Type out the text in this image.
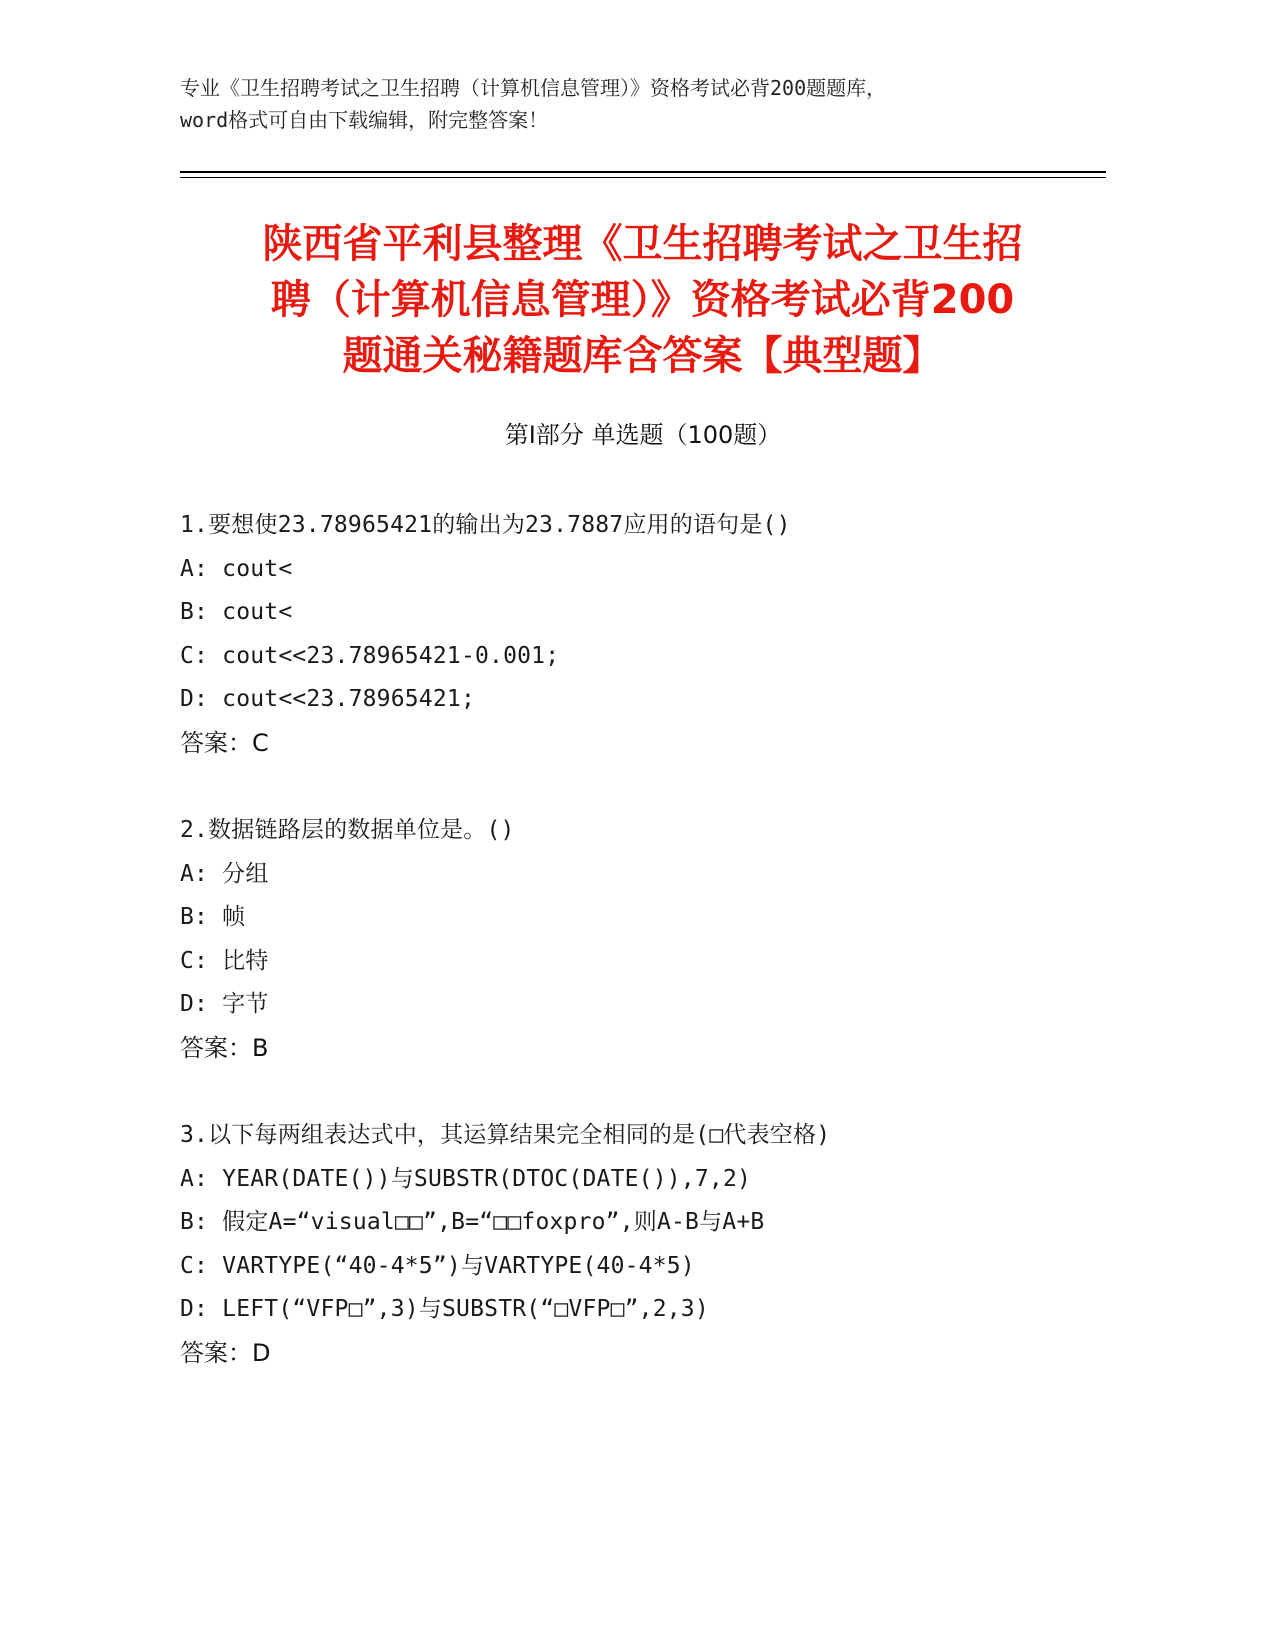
专业《卫生招聘考试之卫生招聘（计算机信息管理）》资格考试必背200题题库，
word格式可自由下载编辑，附完整答案！
陕西省平利县整理《卫生招聘考试之卫生招
聘（计算机信息管理）》资格考试必背200
题通关秘籍题库含答案【典型题】
第Ⅰ部分 单选题（100题）
1.要想使23.78965421的输出为23.7887应用的语句是()
A: cout<
B: cout<
C: cout<<23.78965421-0.001;
D: cout<<23.78965421;
答案：C
2.数据链路层的数据单位是。()
A: 分组
B: 帧
C: 比特
D: 字节
答案：B
3.以下每两组表达式中，其运算结果完全相同的是(□代表空格)
A: YEAR(DATE())与SUBSTR(DTOC(DATE()),7,2)
B: 假定A=“visual□□”,B=“□□foxpro”,则A-B与A+B
C: VARTYPE(“40-4*5”)与VARTYPE(40-4*5)
D: LEFT(“VFP□”,3)与SUBSTR(“□VFP□”,2,3)
答案：D
